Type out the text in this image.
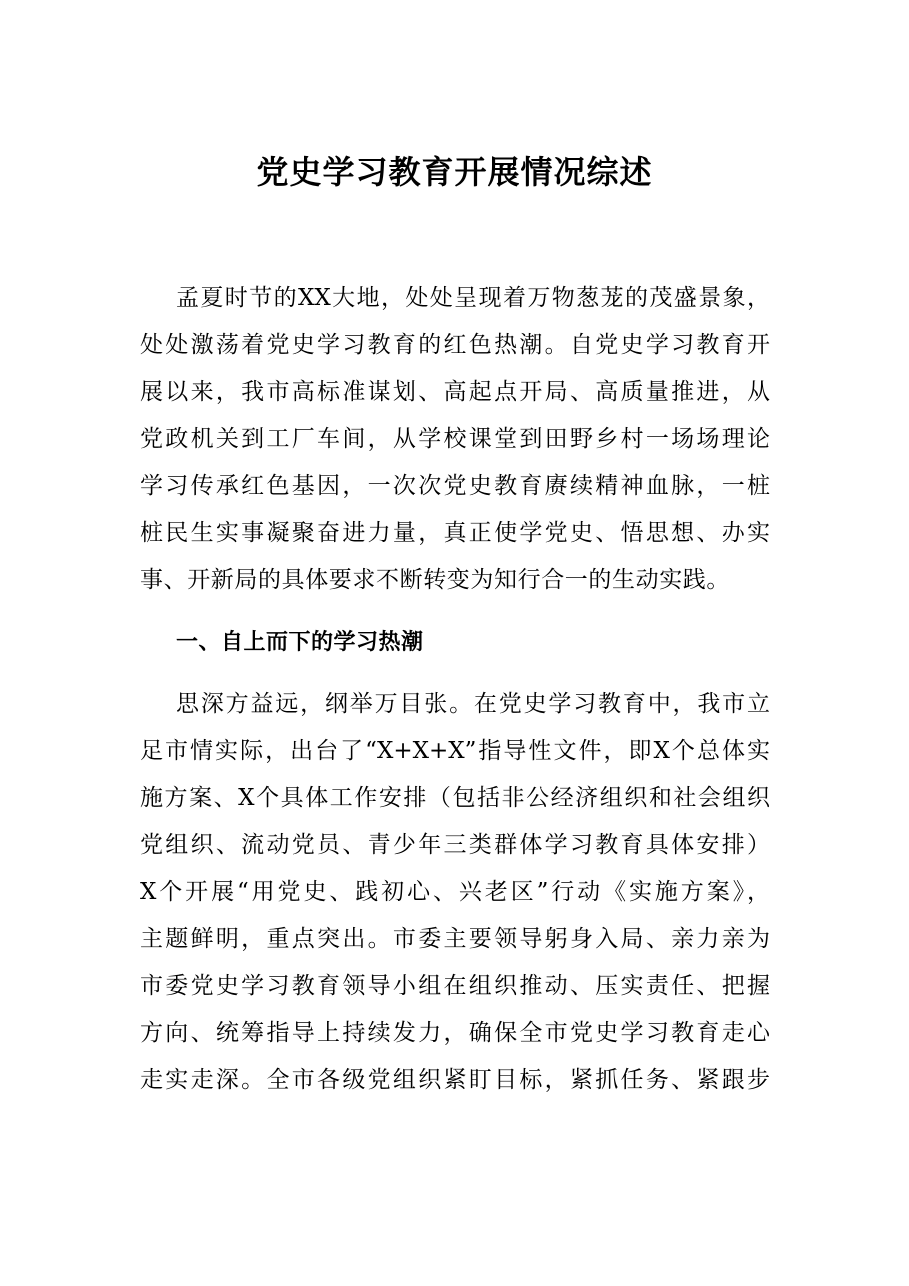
党史学习教育开展情况综述
孟夏时节的XX大地，处处呈现着万物葱茏的茂盛景象，
处处激荡着党史学习教育的红色热潮。自党史学习教育开
展以来，我市高标准谋划、高起点开局、高质量推进，从
党政机关到工厂车间，从学校课堂到田野乡村一场场理论
学习传承红色基因，一次次党史教育赓续精神血脉，一桩
桩民生实事凝聚奋进力量，真正使学党史、悟思想、办实
事、开新局的具体要求不断转变为知行合一的生动实践。
一、自上而下的学习热潮
思深方益远，纲举万目张。在党史学习教育中，我市立
足市情实际，出台了“X+X+X”指导性文件，即X个总体实
施方案、X个具体工作安排（包括非公经济组织和社会组织
党组织、流动党员、青少年三类群体学习教育具体安排）
X个开展“用党史、践初心、兴老区”行动《实施方案》，
主题鲜明，重点突出。市委主要领导躬身入局、亲力亲为
市委党史学习教育领导小组在组织推动、压实责任、把握
方向、统筹指导上持续发力，确保全市党史学习教育走心
走实走深。全市各级党组织紧盯目标，紧抓任务、紧跟步
